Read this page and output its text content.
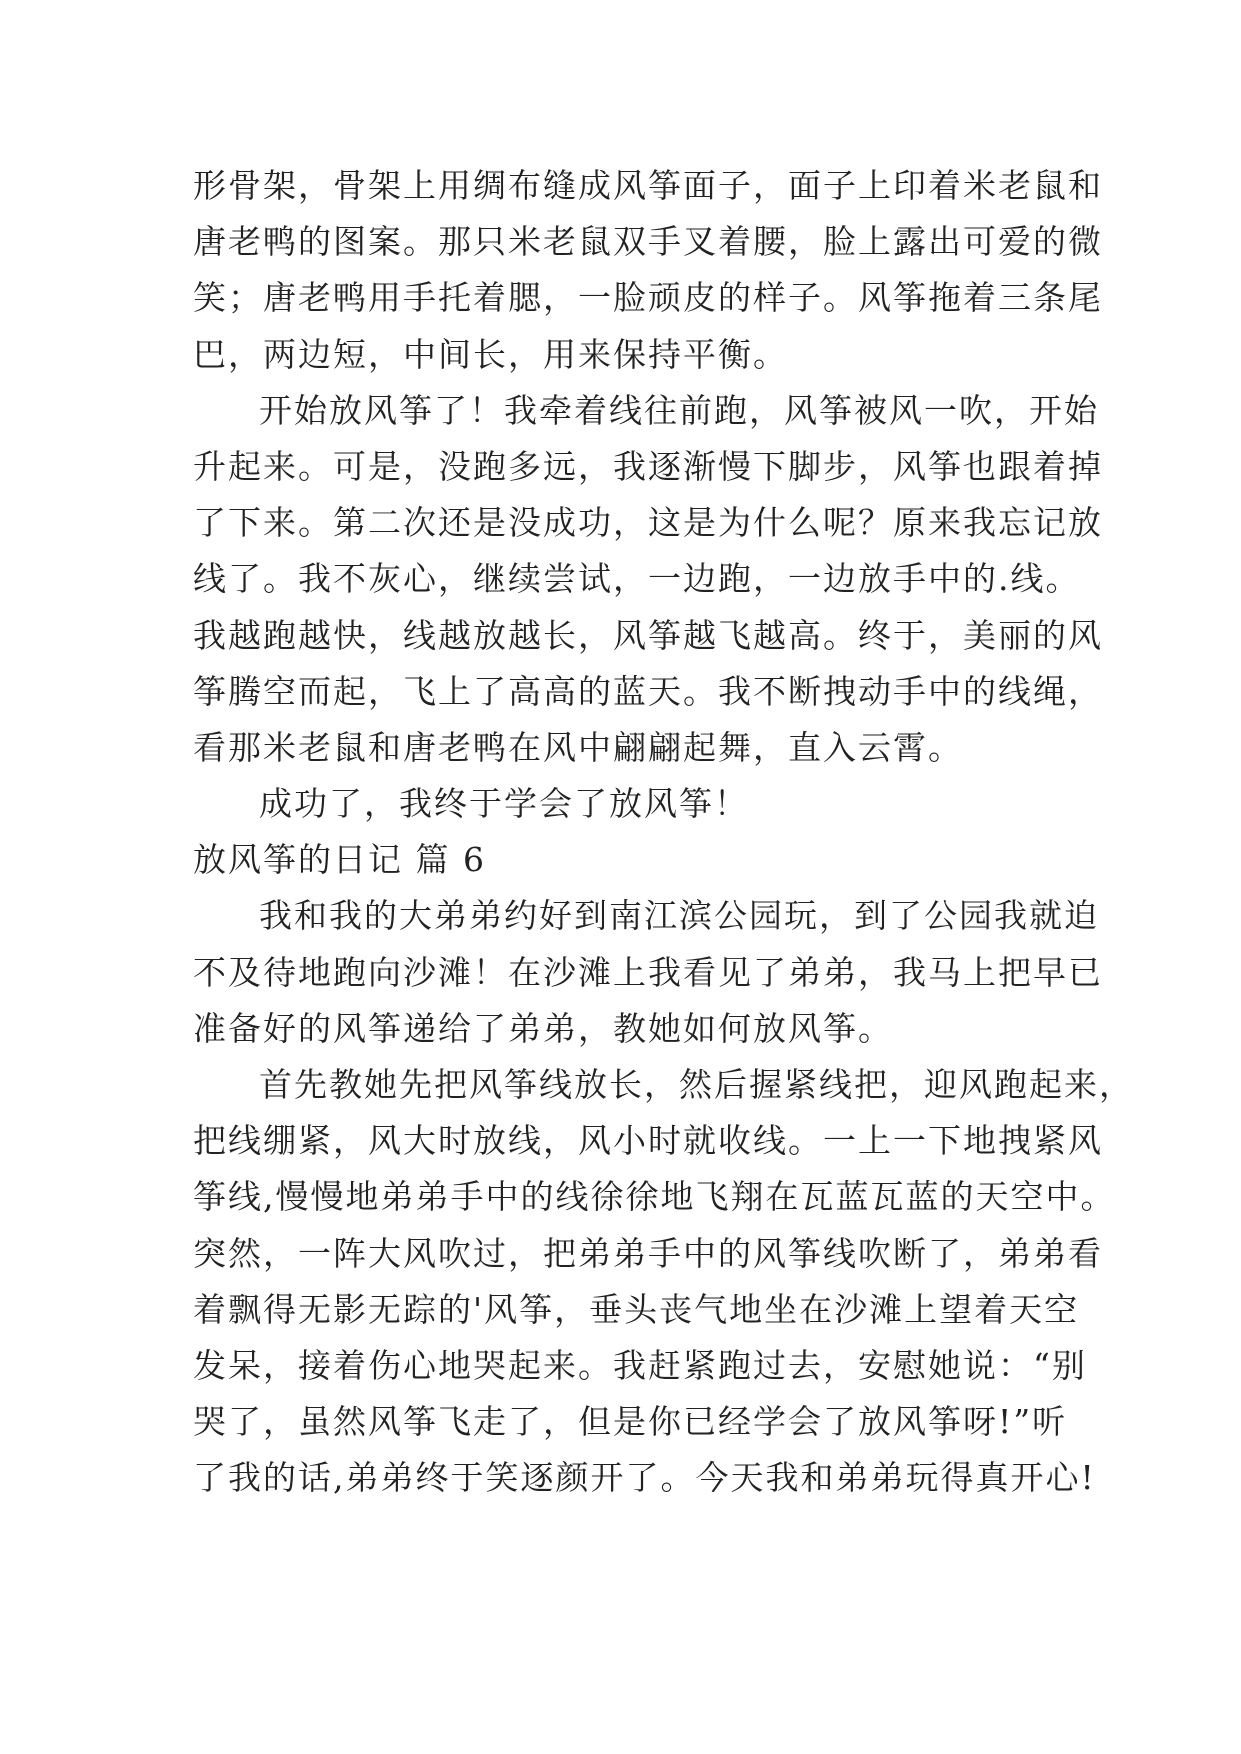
形骨架，骨架上用绸布缝成风筝面子，面子上印着米老鼠和
唐老鸭的图案。那只米老鼠双手叉着腰，脸上露出可爱的微
笑；唐老鸭用手托着腮，一脸顽皮的样子。风筝拖着三条尾
巴，两边短，中间长，用来保持平衡。
开始放风筝了！我牵着线往前跑，风筝被风一吹，开始
升起来。可是，没跑多远，我逐渐慢下脚步，风筝也跟着掉
了下来。第二次还是没成功，这是为什么呢？原来我忘记放
线了。我不灰心，继续尝试，一边跑，一边放手中的.线。
我越跑越快，线越放越长，风筝越飞越高。终于，美丽的风
筝腾空而起，飞上了高高的蓝天。我不断拽动手中的线绳，
看那米老鼠和唐老鸭在风中翩翩起舞，直入云霄。
成功了，我终于学会了放风筝！
放风筝的日记 篇 6
我和我的大弟弟约好到南江滨公园玩，到了公园我就迫
不及待地跑向沙滩！在沙滩上我看见了弟弟，我马上把早已
准备好的风筝递给了弟弟，教她如何放风筝。
首先教她先把风筝线放长，然后握紧线把，迎风跑起来，
把线绷紧，风大时放线，风小时就收线。一上一下地拽紧风
筝线,慢慢地弟弟手中的线徐徐地飞翔在瓦蓝瓦蓝的天空中。
突然，一阵大风吹过，把弟弟手中的风筝线吹断了，弟弟看
着飘得无影无踪的'风筝，垂头丧气地坐在沙滩上望着天空
发呆，接着伤心地哭起来。我赶紧跑过去，安慰她说：“别
哭了，虽然风筝飞走了，但是你已经学会了放风筝呀!”听
了我的话,弟弟终于笑逐颜开了。今天我和弟弟玩得真开心!
